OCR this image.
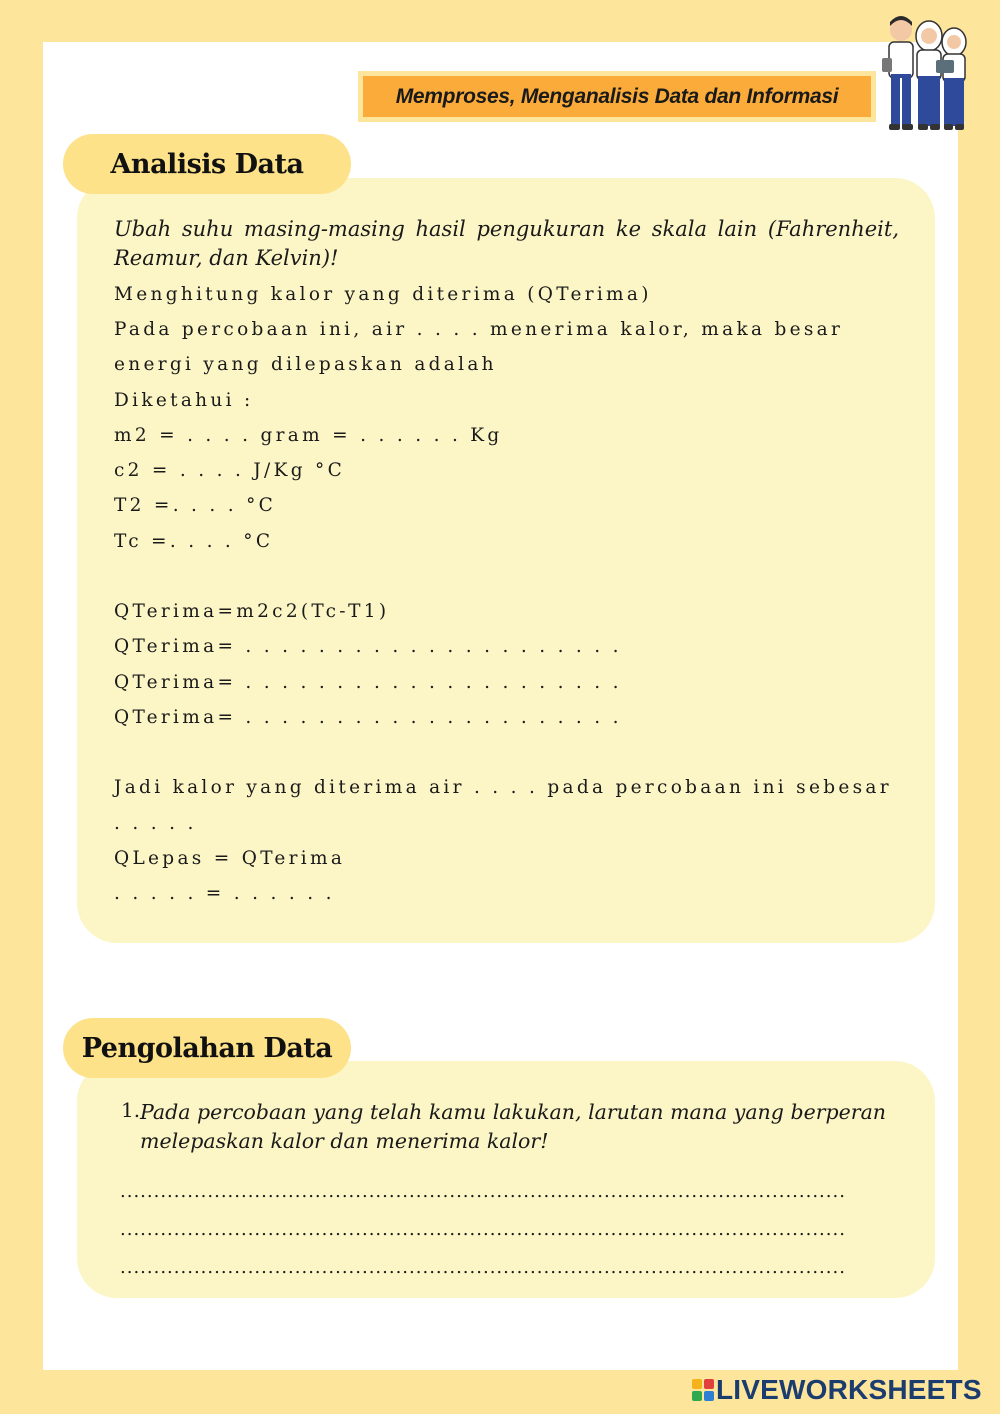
Memproses, Menganalisis Data dan Informasi
Analisis Data
Ubah suhu masing-masing hasil pengukuran ke skala lain (Fahrenheit, Reamur, dan Kelvin)!
Menghitung kalor yang diterima (QTerima)
Pada percobaan ini, air . . . . menerima kalor, maka besar
energi yang dilepaskan adalah
Diketahui :
m2 = . . . . gram = . . . . . . Kg
c2 = . . . . J/Kg °C
T2 =. . . . °C
Tc =. . . . °C
QTerima=m2c2(Tc-T1)
QTerima= . . . . . . . . . . . . . . . . . . . . .
QTerima= . . . . . . . . . . . . . . . . . . . . .
QTerima= . . . . . . . . . . . . . . . . . . . . .
Jadi kalor yang diterima air . . . . pada percobaan ini sebesar
. . . . .
QLepas = QTerima
. . . . . = . . . . . .
Pengolahan Data
1. Pada percobaan yang telah kamu lakukan, larutan mana yang berperan melepaskan kalor dan menerima kalor!
............................................................................................................
............................................................................................................
............................................................................................................
LIVEWORKSHEETS
